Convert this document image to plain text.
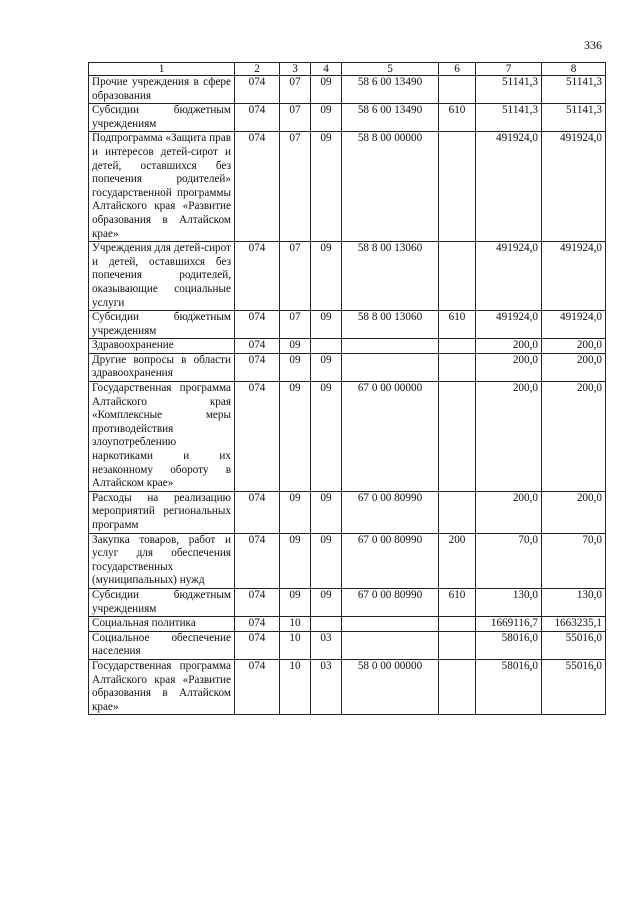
336
1	2	3	4	5	6	7	8
Прочие учреждения в сфере образования	074	07	09	58 6 00 13490		51141,3	51141,3
Субсидии бюджетным учреждениям	074	07	09	58 6 00 13490	610	51141,3	51141,3
Подпрограмма «Защита прав и интересов детей-сирот и детей, оставшихся без попечения родителей» государственной программы Алтайского края «Развитие образования в Алтайском крае»	074	07	09	58 8 00 00000		491924,0	491924,0
Учреждения для детей-сирот и детей, оставшихся без попечения родителей, оказывающие социальные услуги	074	07	09	58 8 00 13060		491924,0	491924,0
Субсидии бюджетным учреждениям	074	07	09	58 8 00 13060	610	491924,0	491924,0
Здравоохранение	074	09				200,0	200,0
Другие вопросы в области здравоохранения	074	09	09			200,0	200,0
Государственная программа Алтайского края «Комплексные меры противодействия злоупотреблению наркотиками и их незаконному обороту в Алтайском крае»	074	09	09	67 0 00 00000		200,0	200,0
Расходы на реализацию мероприятий региональных программ	074	09	09	67 0 00 80990		200,0	200,0
Закупка товаров, работ и услуг для обеспечения государственных (муниципальных) нужд	074	09	09	67 0 00 80990	200	70,0	70,0
Субсидии бюджетным учреждениям	074	09	09	67 0 00 80990	610	130,0	130,0
Социальная политика	074	10				1669116,7	1663235,1
Социальное обеспечение населения	074	10	03			58016,0	55016,0
Государственная программа Алтайского края «Развитие образования в Алтайском крае»	074	10	03	58 0 00 00000		58016,0	55016,0
